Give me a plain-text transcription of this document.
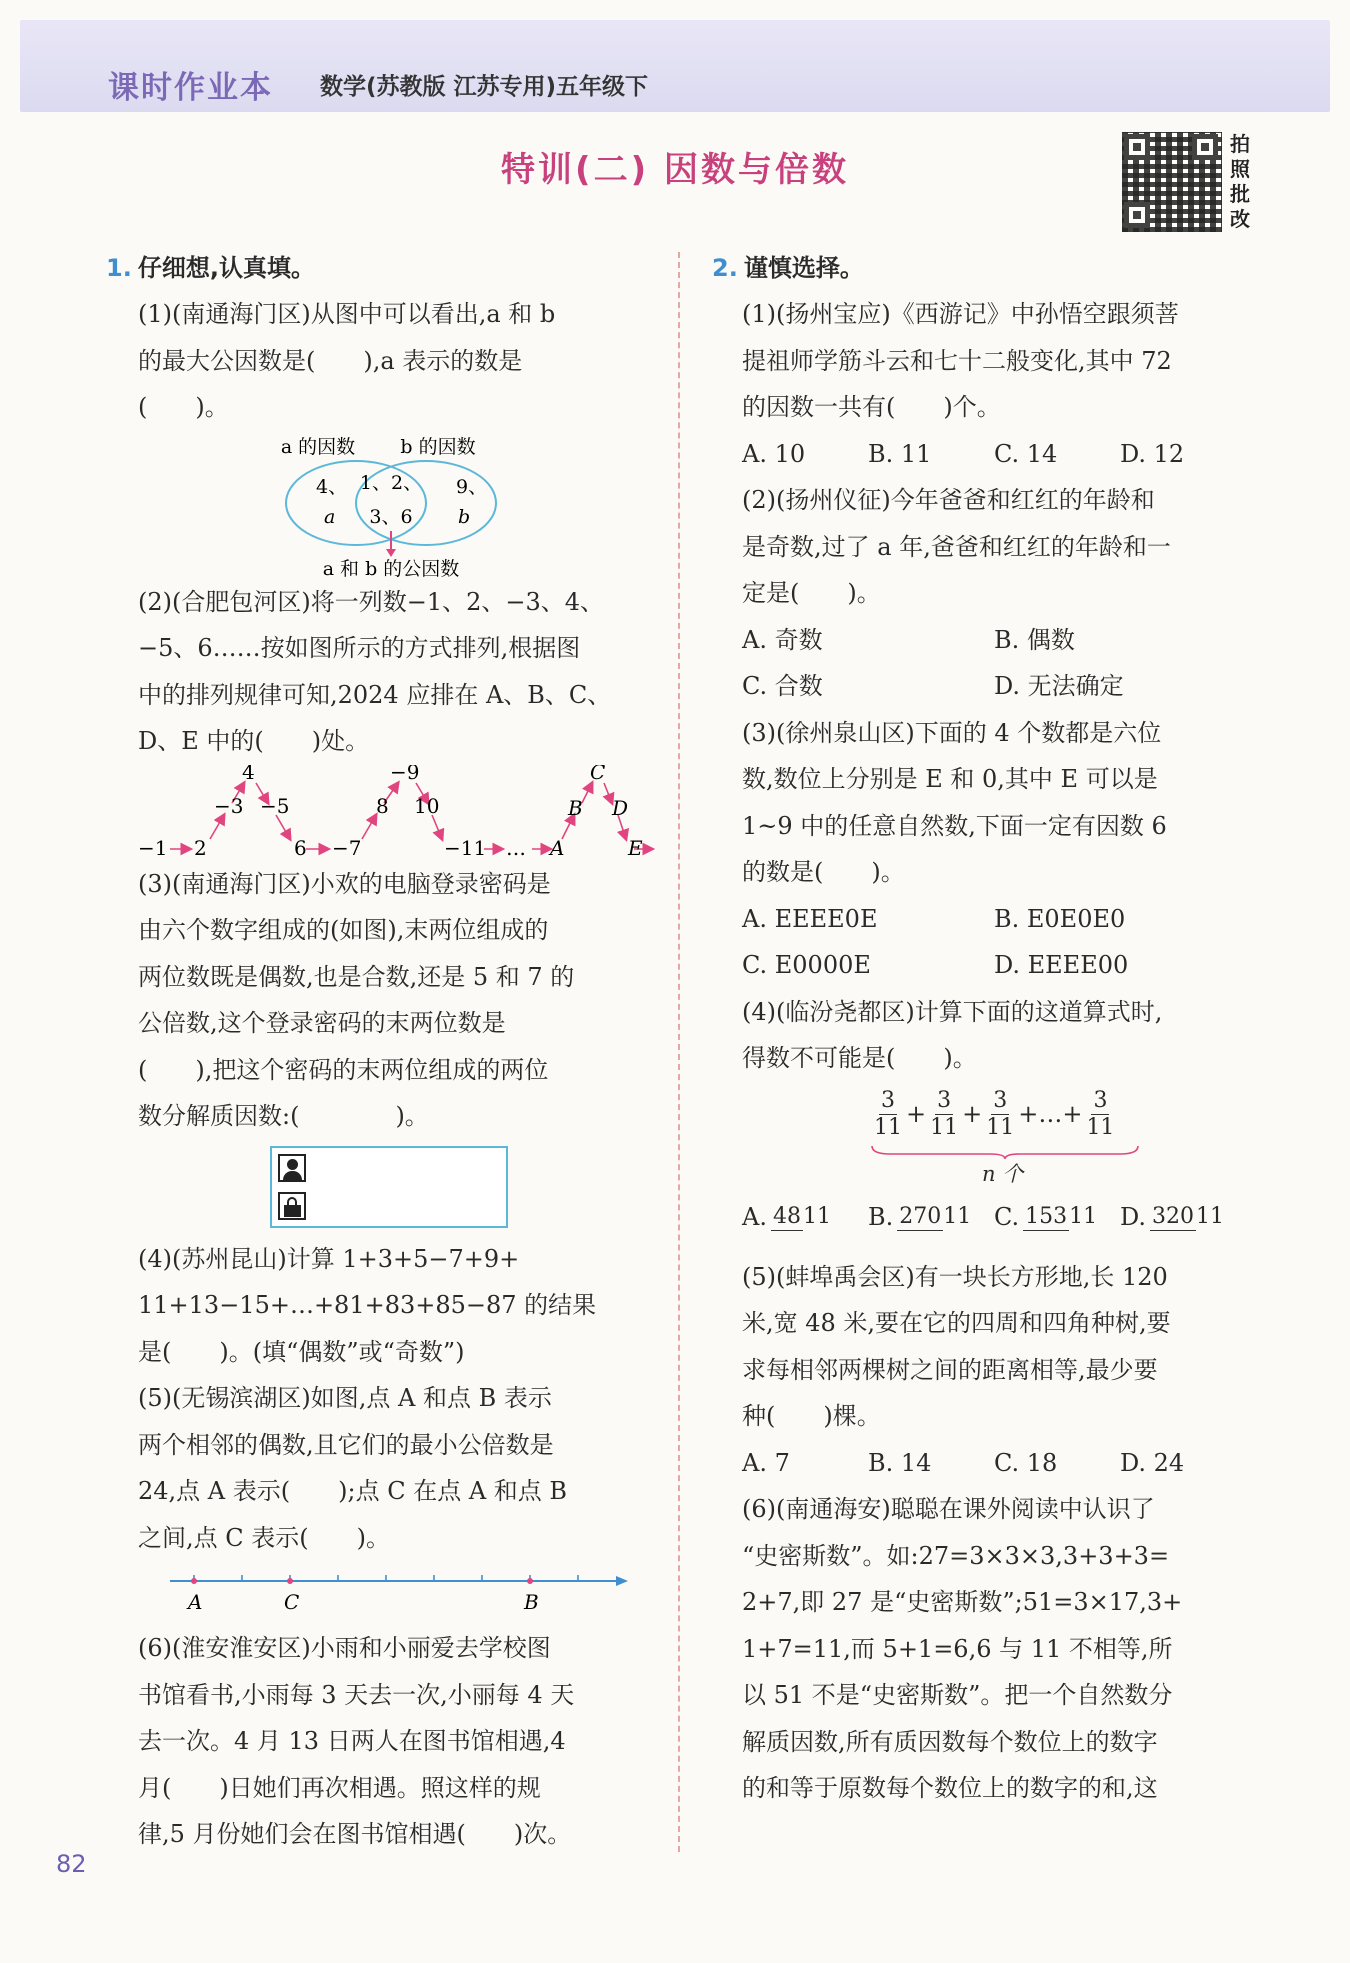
课时作业本 数学(苏教版 江苏专用)五年级下
特训(二) 因数与倍数
拍照批改
1. 仔细想,认真填。
(1)(南通海门区)从图中可以看出,a 和 b
的最大公因数是(　　),a 表示的数是
(　　)。
a 的因数 b 的因数
4、
a
1、2、
3、6
9、
b
a 和 b 的公因数
(2)(合肥包河区)将一列数−1、2、−3、4、
−5、6……按如图所示的方式排列,根据图
中的排列规律可知,2024 应排在 A、B、C、
D、E 中的(　　)处。
−1 2
−3
4
−5
6 −7
8
−9
10
−11 … A
B
C
D
E
(3)(南通海门区)小欢的电脑登录密码是
由六个数字组成的(如图),末两位组成的
两位数既是偶数,也是合数,还是 5 和 7 的
公倍数,这个登录密码的末两位数是
(　　),把这个密码的末两位组成的两位
数分解质因数:(　　　　)。
(4)(苏州昆山)计算 1+3+5−7+9+
11+13−15+…+81+83+85−87 的结果
是(　　)。(填“偶数”或“奇数”)
(5)(无锡滨湖区)如图,点 A 和点 B 表示
两个相邻的偶数,且它们的最小公倍数是
24,点 A 表示(　　);点 C 在点 A 和点 B
之间,点 C 表示(　　)。
A	C	B
(6)(淮安淮安区)小雨和小丽爱去学校图
书馆看书,小雨每 3 天去一次,小丽每 4 天
去一次。4 月 13 日两人在图书馆相遇,4
月(　　)日她们再次相遇。照这样的规
律,5 月份她们会在图书馆相遇(　　)次。
2. 谨慎选择。
(1)(扬州宝应)《西游记》中孙悟空跟须菩
提祖师学筋斗云和七十二般变化,其中 72
的因数一共有(　　)个。
A. 10	B. 11	C. 14	D. 12
(2)(扬州仪征)今年爸爸和红红的年龄和
是奇数,过了 a 年,爸爸和红红的年龄和一
定是(　　)。
A. 奇数	B. 偶数
C. 合数	D. 无法确定
(3)(徐州泉山区)下面的 4 个数都是六位
数,数位上分别是 E 和 0,其中 E 可以是
1~9 中的任意自然数,下面一定有因数 6
的数是(　　)。
A. EEEE0E	B. E0E0E0
C. E0000E	D. EEEE00
(4)(临汾尧都区)计算下面的这道算式时,
得数不可能是(　　)。
$\frac{3}{11} + \frac{3}{11} + \frac{3}{11}$ +…+ $\frac{3}{11}$
n 个
A. 4811 B. 27011 C. 15311 D. 32011
(5)(蚌埠禹会区)有一块长方形地,长 120
米,宽 48 米,要在它的四周和四角种树,要
求每相邻两棵树之间的距离相等,最少要
种(　　)棵。
A. 7	B. 14	C. 18	D. 24
(6)(南通海安)聪聪在课外阅读中认识了
“史密斯数”。如:27=3×3×3,3+3+3=
2+7,即 27 是“史密斯数”;51=3×17,3+
1+7=11,而 5+1=6,6 与 11 不相等,所
以 51 不是“史密斯数”。把一个自然数分
解质因数,所有质因数每个数位上的数字
的和等于原数每个数位上的数字的和,这
82
